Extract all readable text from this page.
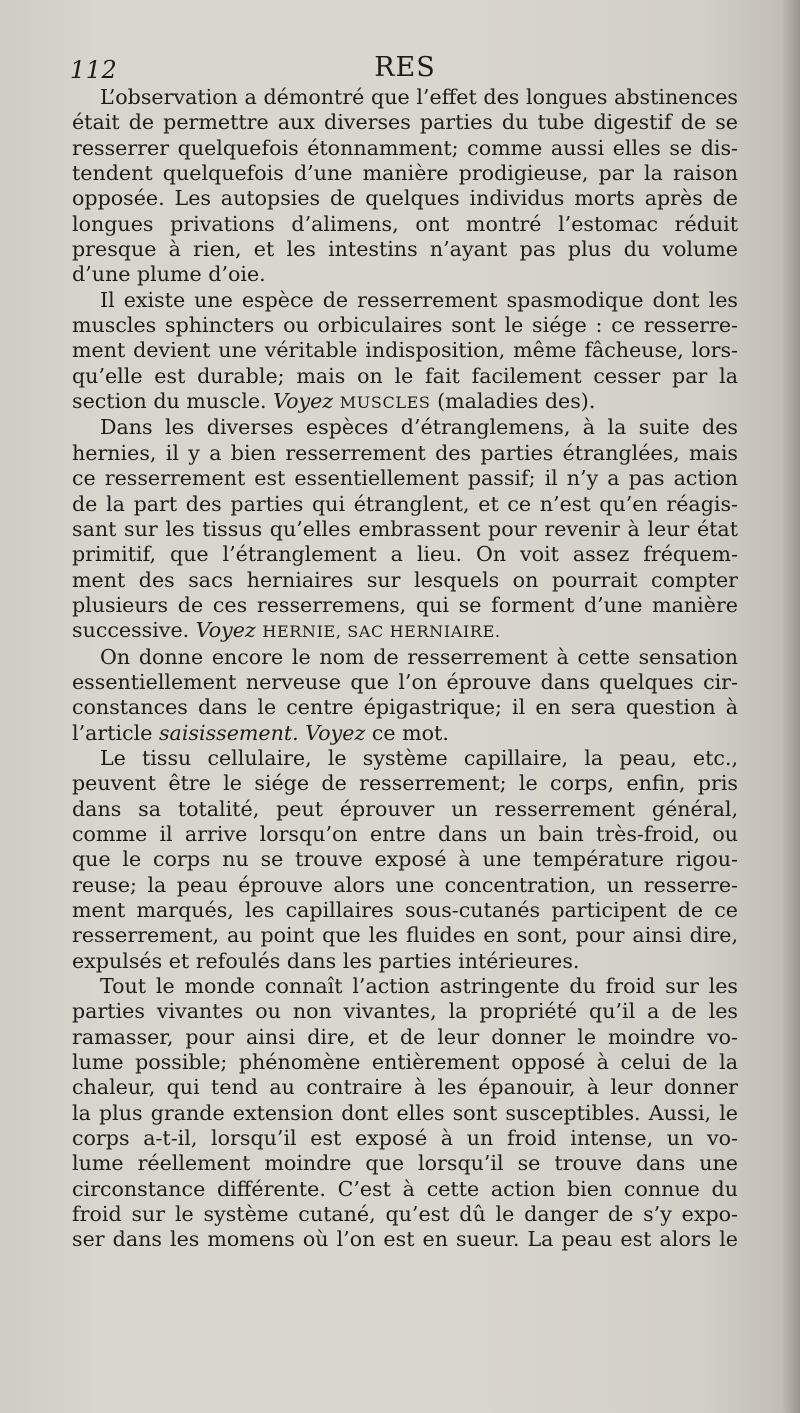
112	RES
L’observation a démontré que l’effet des longues abstinences
était de permettre aux diverses parties du tube digestif de se
resserrer quelquefois étonnamment; comme aussi elles se dis-
tendent quelquefois d’une manière prodigieuse, par la raison
opposée. Les autopsies de quelques individus morts après de
longues privations d’alimens, ont montré l’estomac réduit
presque à rien, et les intestins n’ayant pas plus du volume
d’une plume d’oie.
Il existe une espèce de resserrement spasmodique dont les
muscles sphincters ou orbiculaires sont le siége : ce resserre-
ment devient une véritable indisposition, même fâcheuse, lors-
qu’elle est durable; mais on le fait facilement cesser par la
section du muscle. Voyez MUSCLES (maladies des).
Dans les diverses espèces d’étranglemens, à la suite des
hernies, il y a bien resserrement des parties étranglées, mais
ce resserrement est essentiellement passif; il n’y a pas action
de la part des parties qui étranglent, et ce n’est qu’en réagis-
sant sur les tissus qu’elles embrassent pour revenir à leur état
primitif, que l’étranglement a lieu. On voit assez fréquem-
ment des sacs herniaires sur lesquels on pourrait compter
plusieurs de ces resserremens, qui se forment d’une manière
successive. Voyez HERNIE, SAC HERNIAIRE.
On donne encore le nom de resserrement à cette sensation
essentiellement nerveuse que l’on éprouve dans quelques cir-
constances dans le centre épigastrique; il en sera question à
l’article saisissement. Voyez ce mot.
Le tissu cellulaire, le système capillaire, la peau, etc.,
peuvent être le siége de resserrement; le corps, enfin, pris
dans sa totalité, peut éprouver un resserrement général,
comme il arrive lorsqu’on entre dans un bain très-froid, ou
que le corps nu se trouve exposé à une température rigou-
reuse; la peau éprouve alors une concentration, un resserre-
ment marqués, les capillaires sous-cutanés participent de ce
resserrement, au point que les fluides en sont, pour ainsi dire,
expulsés et refoulés dans les parties intérieures.
Tout le monde connaît l’action astringente du froid sur les
parties vivantes ou non vivantes, la propriété qu’il a de les
ramasser, pour ainsi dire, et de leur donner le moindre vo-
lume possible; phénomène entièrement opposé à celui de la
chaleur, qui tend au contraire à les épanouir, à leur donner
la plus grande extension dont elles sont susceptibles. Aussi, le
corps a-t-il, lorsqu’il est exposé à un froid intense, un vo-
lume réellement moindre que lorsqu’il se trouve dans une
circonstance différente. C’est à cette action bien connue du
froid sur le système cutané, qu’est dû le danger de s’y expo-
ser dans les momens où l’on est en sueur. La peau est alors le
